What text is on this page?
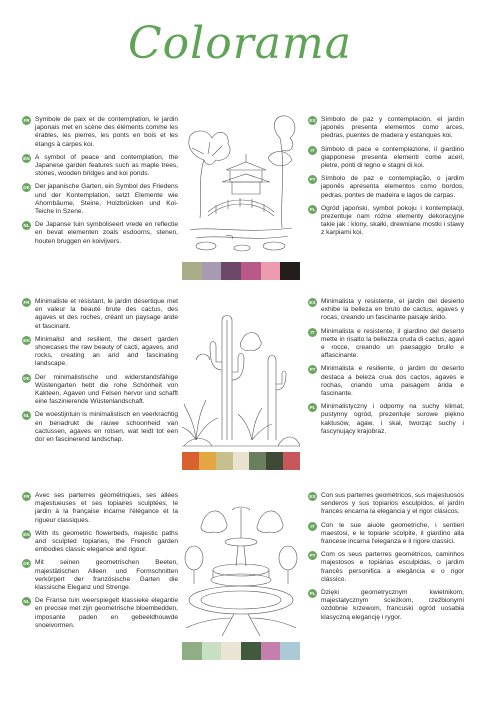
Colorama
FR Symbole de paix et de contemplation, le jardin japonais met en scène des éléments comme les érables, les pierres, les ponts en bois et les étangs à carpes koi.
EN A symbol of peace and contemplation, the Japanese garden features such as maple trees, stones, wooden bridges and koi ponds.
DE Der japanische Garten, ein Symbol des Friedens und der Kontemplation, setzt Elemente wie Ahornbäume, Steine, Holzbrücken und Koi-Teiche in Szene.
NL De Japanse tuin symboliseert vrede en reflectie en bevat elementen zoals esdoorns, stenen, houten bruggen en koivijvers.
ES Símbolo de paz y contemplación, el jardín japonés presenta elementos como arces, piedras, puentes de madera y estanques koi.
IT Simbolo di pace e contemplazione, il giardino giapponese presenta elementi come aceri, pietre, ponti di legno e stagni di koi.
PT Símbolo de paz e contemplação, o jardim japonês apresenta elementos como bordos, pedras, pontes de madeira e lagos de carpas.
PL Ogród japoński, symbol pokoju i kontemplacji, prezentuje nam różne elementy dekoracyjne takie jak : klony, skałki, drewniane mostki i stawy z karpiami koi.
FR Minimaliste et résistant, le jardin désertique met en valeur la beauté brute des cactus, des agaves et des roches, créant un paysage aride et fascinant.
EN Minimalist and resilient, the desert garden showcases the raw beauty of cacti, agaves, and rocks, creating an arid and fascinating landscape.
DE Der minimalistische und widerstandsfähige Wüstengarten hebt die rohe Schönheit von Kakteen, Agaven und Felsen hervor und schafft eine faszinierende Wüstenlandschaft.
NL De woestijntuin is minimalistisch en veerkrachtig en benadrukt de rauwe schoonheid van cactussen, agaves en rotsen, wat leidt tot een dor en fascinerend landschap.
ES Minimalista y resistente, el jardín del desierto exhibe la belleza en bruto de cactus, agaves y rocas, creando un fascinante paisaje árido.
IT Minimalista e resistente, il giardino del deserto mette in risalto la bellezza cruda di cactus, agavi e rocce, creando un paesaggio brullo e affascinante.
PT Minimalista e resiliente, o jardim do deserto destaca a beleza crua dos cactos, agaves e rochas, criando uma paisagem árida e fascinante.
PL Minimalistyczny i odporny na suchy klimat, pustynny ogród, prezentuje surowe piękno kaktusów, agaw, i skał, tworząc suchy i fascynujący krajobraz.
FR Avec ses parterres géométriques, ses allées majestueuses et ses topiaires sculptées, le jardin à la française incarne l'élégance et la rigueur classiques.
EN With its geometric flowerbeds, majestic paths and sculpted topiaries, the French garden embodies classic elegance and rigour.
DE Mit seinen geometrischen Beeten, majestätischen Alleen und Formschnitten verkörpert der französische Garten die klassische Eleganz und Strenge.
NL De Franse tuin weerspiegelt klassieke elegantie en precisie met zijn geometrische bloembedden, imposante paden en gebeeldhouwde snoeivormen.
ES Con sus parterres geométricos, sus majestuosos senderos y sus topiarios esculpidos, el jardín francés encarna la elegancia y el rigor clásicos.
IT Con le sue aiuole geometriche, i sentieri maestosi, e le topiarie scolpite, il giardino alla francese incarna l'eleganza e il rigore classici.
PT Com os seus parterres geométricos, caminhos majestosos e topiárias esculpidas, o jardim francês personifica a elegância e o rigor clássico.
PL Dzięki geometrycznym kwietnikom, majestatycznym ścieżkom, rzeźbionymi ozdobnie krzewom, francuski ogród uosabia klasyczną elegancję i rygor.
